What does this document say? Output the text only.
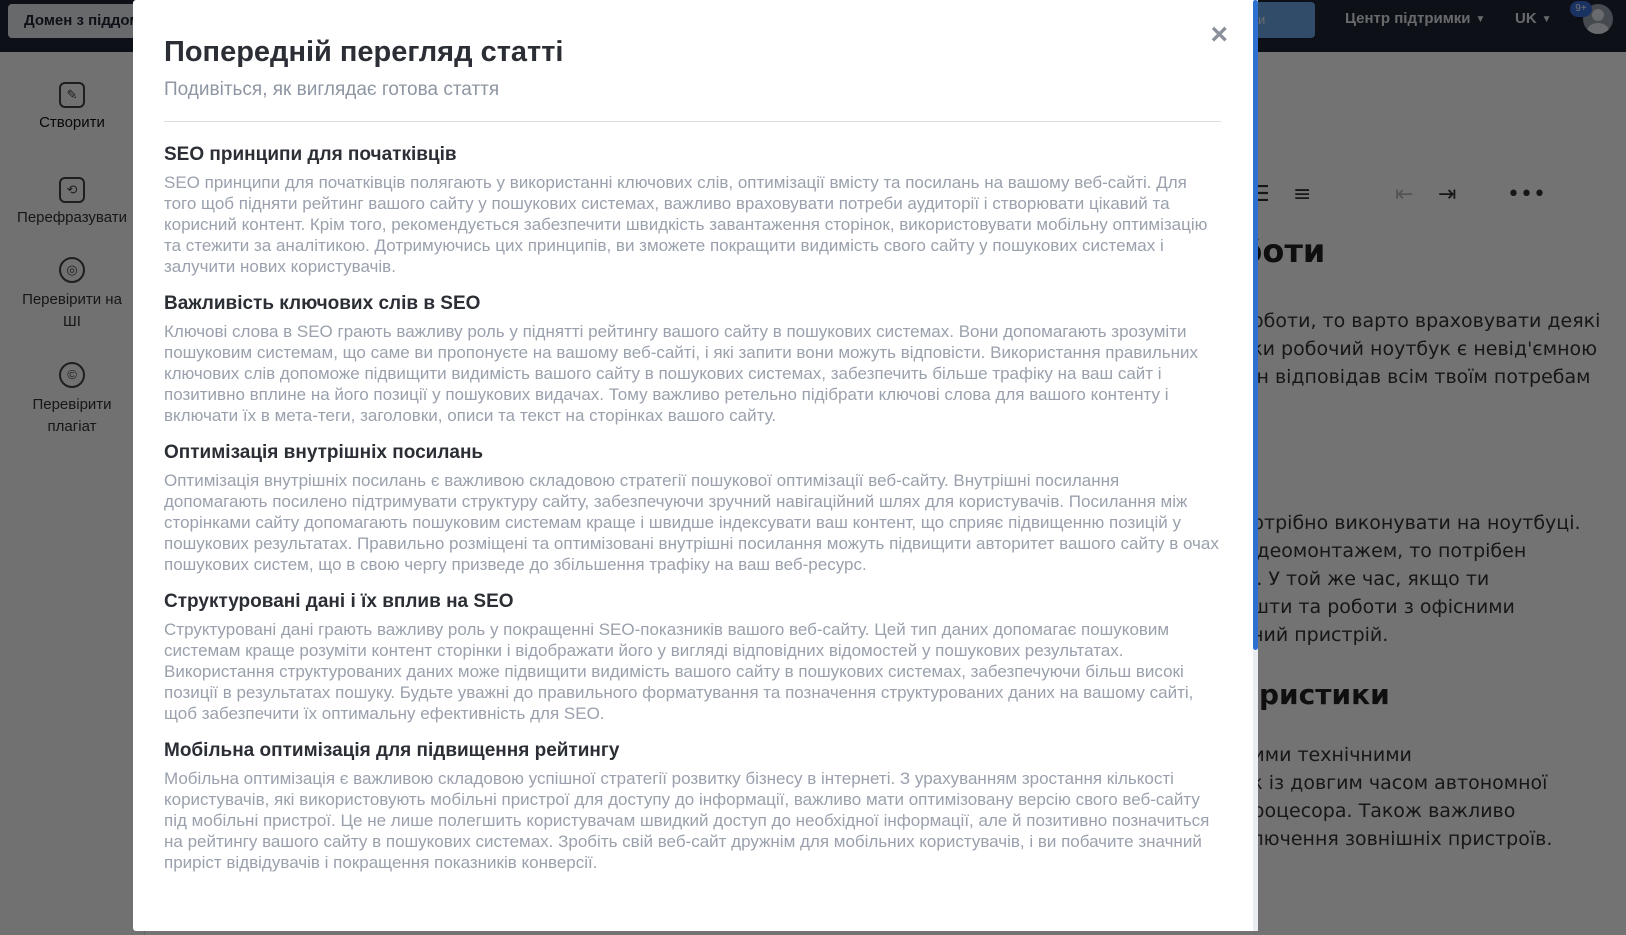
×
Попередній перегляд статті

Подивіться, як виглядає готова стаття

SEO принципи для початківців

SEO принципи для початківців полягають у використанні ключових слів, оптимізації вмісту та посилань на вашому веб-сайті. Для того щоб підняти рейтинг вашого сайту у пошукових системах, важливо враховувати потреби аудиторії і створювати цікавий та корисний контент. Крім того, рекомендується забезпечити швидкість завантаження сторінок, використовувати мобільну оптимізацію та стежити за аналітикою. Дотримуючись цих принципів, ви зможете покращити видимість свого сайту у пошукових системах і залучити нових користувачів.

Важливість ключових слів в SEO

Ключові слова в SEO грають важливу роль у піднятті рейтингу вашого сайту в пошукових системах. Вони допомагають зрозуміти пошуковим системам, що саме ви пропонуєте на вашому веб-сайті, і які запити вони можуть відповісти. Використання правильних ключових слів допоможе підвищити видимість вашого сайту в пошукових системах, забезпечить більше трафіку на ваш сайт і позитивно вплине на його позиції у пошукових видачах. Тому важливо ретельно підібрати ключові слова для вашого контенту і включати їх в мета-теги, заголовки, описи та текст на сторінках вашого сайту.

Оптимізація внутрішніх посилань

Оптимізація внутрішніх посилань є важливою складовою стратегії пошукової оптимізації веб-сайту. Внутрішні посилання допомагають посилено підтримувати структуру сайту, забезпечуючи зручний навігаційний шлях для користувачів. Посилання між сторінками сайту допомагають пошуковим системам краще і швидше індексувати ваш контент, що сприяє підвищенню позицій у пошукових результатах. Правильно розміщені та оптимізовані внутрішні посилання можуть підвищити авторитет вашого сайту в очах пошукових систем, що в свою чергу призведе до збільшення трафіку на ваш веб-ресурс.

Структуровані дані і їх вплив на SEO

Структуровані дані грають важливу роль у покращенні SEO-показників вашого веб-сайту. Цей тип даних допомагає пошуковим системам краще розуміти контент сторінки і відображати його у вигляді відповідних відомостей у пошукових результатах. Використання структурованих даних може підвищити видимість вашого сайту в пошукових системах, забезпечуючи більш високі позиції в результатах пошуку. Будьте уважні до правильного форматування та позначення структурованих даних на вашому сайті, щоб забезпечити їх оптимальну ефективність для SEO.

Мобільна оптимізація для підвищення рейтингу

Мобільна оптимізація є важливою складовою успішної стратегії розвитку бізнесу в інтернеті. З урахуванням зростання кількості користувачів, які використовують мобільні пристрої для доступу до інформації, важливо мати оптимізовану версію свого веб-сайту під мобільні пристрої. Це не лише полегшить користувачам швидкий доступ до необхідної інформації, але й позитивно позначиться на рейтингу вашого сайту в пошукових системах. Зробіть свій веб-сайт дружнім для мобільних користувачів, і ви побачите значний приріст відвідувачів і покращення показників конверсії.
